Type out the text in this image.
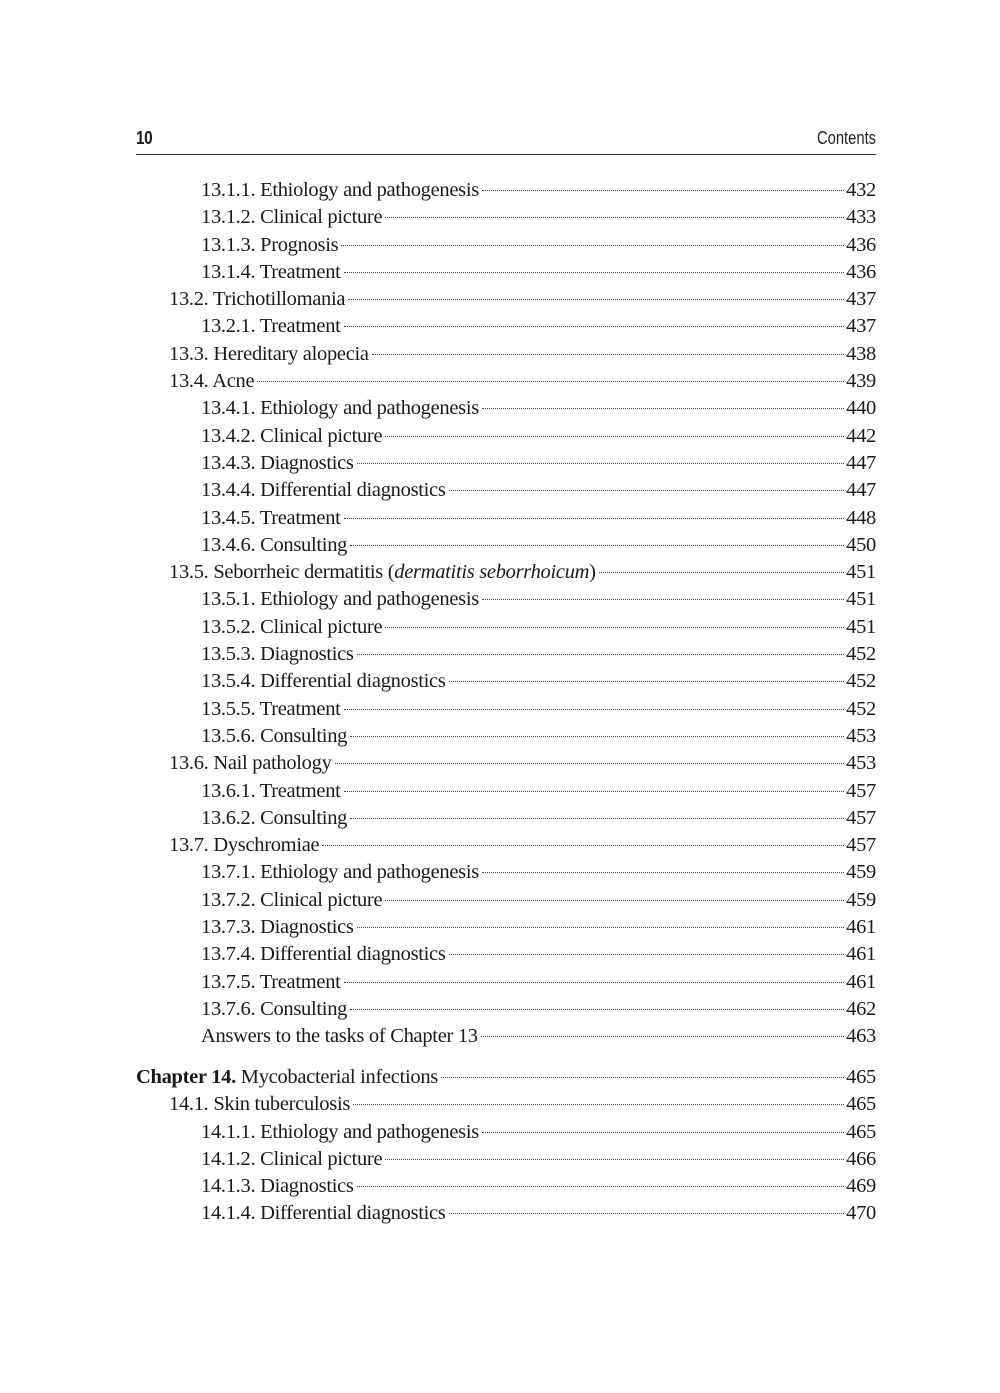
10	Contents
13.1.1. Ethiology and pathogenesis	432
13.1.2. Clinical picture	433
13.1.3. Prognosis	436
13.1.4. Treatment	436
13.2. Trichotillomania	437
13.2.1. Treatment	437
13.3. Hereditary alopecia	438
13.4. Acne	439
13.4.1. Ethiology and pathogenesis	440
13.4.2. Clinical picture	442
13.4.3. Diagnostics	447
13.4.4. Differential diagnostics	447
13.4.5. Treatment	448
13.4.6. Consulting	450
13.5. Seborrheic dermatitis (dermatitis seborrhoicum)	451
13.5.1. Ethiology and pathogenesis	451
13.5.2. Clinical picture	451
13.5.3. Diagnostics	452
13.5.4. Differential diagnostics	452
13.5.5. Treatment	452
13.5.6. Consulting	453
13.6. Nail pathology	453
13.6.1. Treatment	457
13.6.2. Consulting	457
13.7. Dyschromiae	457
13.7.1. Ethiology and pathogenesis	459
13.7.2. Clinical picture	459
13.7.3. Diagnostics	461
13.7.4. Differential diagnostics	461
13.7.5. Treatment	461
13.7.6. Consulting	462
Answers to the tasks of Chapter 13	463
Chapter 14. Mycobacterial infections	465
14.1. Skin tuberculosis	465
14.1.1. Ethiology and pathogenesis	465
14.1.2. Clinical picture	466
14.1.3. Diagnostics	469
14.1.4. Differential diagnostics	470
